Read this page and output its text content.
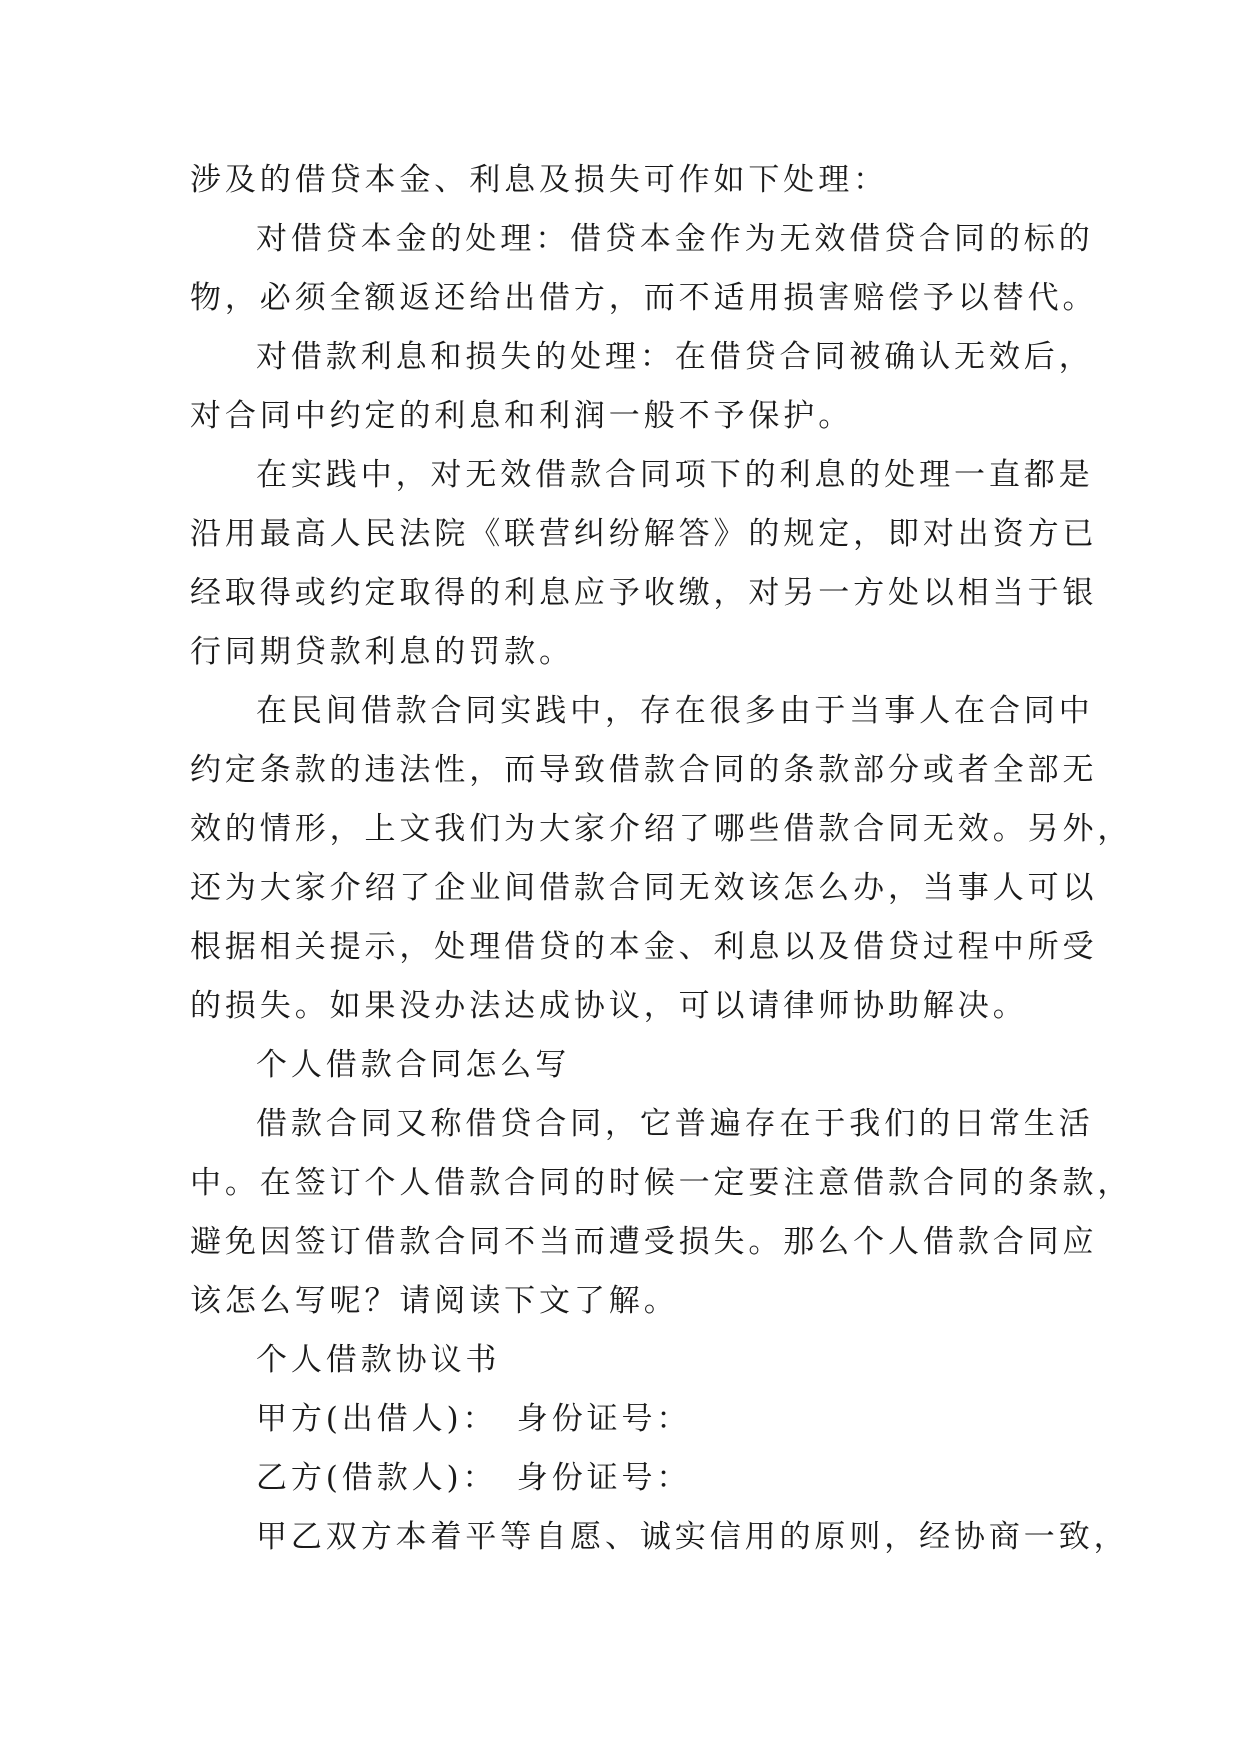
涉及的借贷本金、利息及损失可作如下处理：
对借贷本金的处理：借贷本金作为无效借贷合同的标的
物，必须全额返还给出借方，而不适用损害赔偿予以替代。
对借款利息和损失的处理：在借贷合同被确认无效后，
对合同中约定的利息和利润一般不予保护。
在实践中，对无效借款合同项下的利息的处理一直都是
沿用最高人民法院《联营纠纷解答》的规定，即对出资方已
经取得或约定取得的利息应予收缴，对另一方处以相当于银
行同期贷款利息的罚款。
在民间借款合同实践中，存在很多由于当事人在合同中
约定条款的违法性，而导致借款合同的条款部分或者全部无
效的情形，上文我们为大家介绍了哪些借款合同无效。另外，
还为大家介绍了企业间借款合同无效该怎么办，当事人可以
根据相关提示，处理借贷的本金、利息以及借贷过程中所受
的损失。如果没办法达成协议，可以请律师协助解决。
个人借款合同怎么写
借款合同又称借贷合同，它普遍存在于我们的日常生活
中。在签订个人借款合同的时候一定要注意借款合同的条款，
避免因签订借款合同不当而遭受损失。那么个人借款合同应
该怎么写呢？请阅读下文了解。
个人借款协议书
甲方(出借人)：　身份证号：
乙方(借款人)：　身份证号：
甲乙双方本着平等自愿、诚实信用的原则，经协商一致，
